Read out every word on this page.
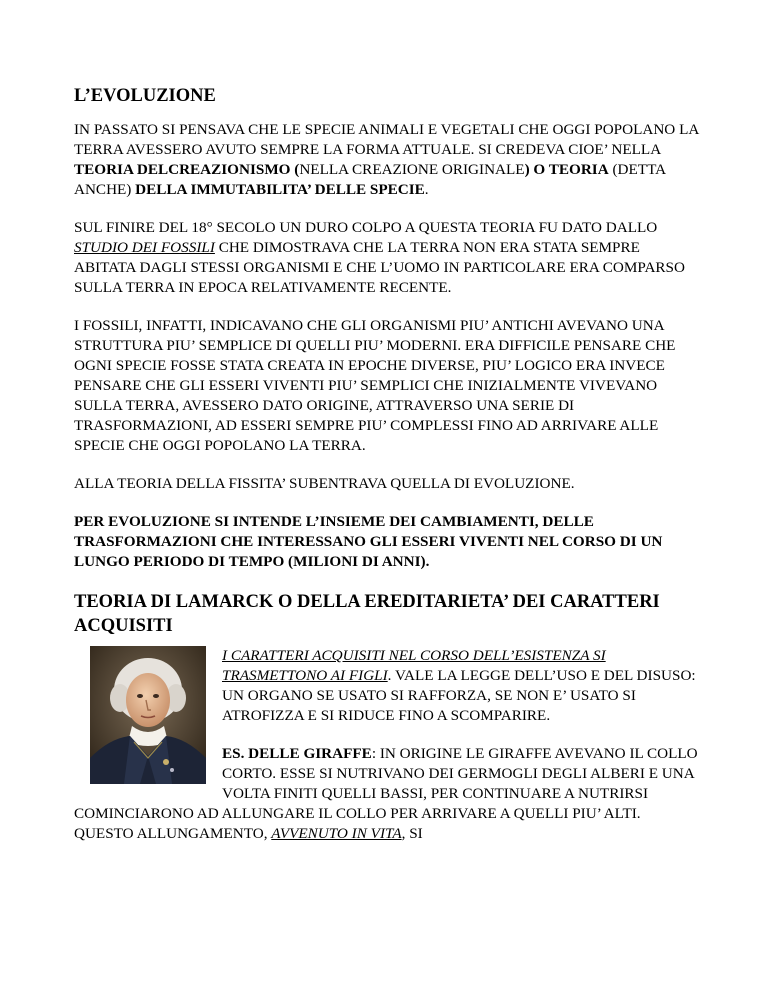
L’EVOLUZIONE

IN PASSATO SI PENSAVA CHE LE SPECIE ANIMALI E VEGETALI CHE OGGI POPOLANO LA TERRA AVESSERO AVUTO SEMPRE LA FORMA ATTUALE. SI CREDEVA CIOE’ NELLA TEORIA DELCREAZIONISMO (NELLA CREAZIONE ORIGINALE) O TEORIA (DETTA ANCHE) DELLA IMMUTABILITA’ DELLE SPECIE.

SUL FINIRE DEL 18° SECOLO UN DURO COLPO A QUESTA TEORIA FU DATO DALLO STUDIO DEI FOSSILI CHE DIMOSTRAVA CHE LA TERRA NON ERA STATA SEMPRE ABITATA DAGLI STESSI ORGANISMI E CHE L’UOMO IN PARTICOLARE ERA COMPARSO SULLA TERRA IN EPOCA RELATIVAMENTE RECENTE.

I FOSSILI, INFATTI, INDICAVANO CHE GLI ORGANISMI PIU’ ANTICHI AVEVANO UNA STRUTTURA PIU’ SEMPLICE DI QUELLI PIU’ MODERNI. ERA DIFFICILE PENSARE CHE OGNI SPECIE FOSSE STATA CREATA IN EPOCHE DIVERSE, PIU’ LOGICO ERA INVECE PENSARE CHE GLI ESSERI VIVENTI PIU’ SEMPLICI CHE INIZIALMENTE VIVEVANO SULLA TERRA, AVESSERO DATO ORIGINE, ATTRAVERSO UNA SERIE DI TRASFORMAZIONI, AD ESSERI SEMPRE PIU’ COMPLESSI FINO AD ARRIVARE ALLE SPECIE CHE OGGI POPOLANO LA TERRA.

ALLA TEORIA DELLA FISSITA’ SUBENTRAVA QUELLA DI EVOLUZIONE.

PER EVOLUZIONE SI INTENDE L’INSIEME DEI CAMBIAMENTI, DELLE TRASFORMAZIONI CHE INTERESSANO GLI ESSERI VIVENTI NEL CORSO DI UN LUNGO PERIODO DI TEMPO (MILIONI DI ANNI).

TEORIA DI LAMARCK O DELLA EREDITARIETA’ DEI CARATTERI ACQUISITI

I CARATTERI ACQUISITI NEL CORSO DELL’ESISTENZA SI TRASMETTONO AI FIGLI. VALE LA LEGGE DELL’USO E DEL DISUSO: UN ORGANO SE USATO SI RAFFORZA, SE NON E’ USATO SI ATROFIZZA E SI RIDUCE FINO A SCOMPARIRE.

ES. DELLE GIRAFFE: IN ORIGINE LE GIRAFFE AVEVANO IL COLLO CORTO. ESSE SI NUTRIVANO DEI GERMOGLI DEGLI ALBERI E UNA VOLTA FINITI QUELLI BASSI, PER CONTINUARE A NUTRIRSI COMINCIARONO AD ALLUNGARE IL COLLO PER ARRIVARE A QUELLI PIU’ ALTI. QUESTO ALLUNGAMENTO, AVVENUTO IN VITA, SI
